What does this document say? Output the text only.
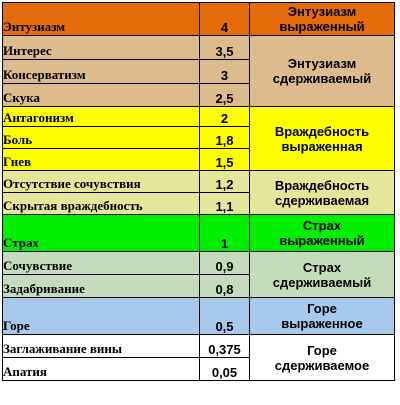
Энтузиазм	4	Энтузиазм
выраженный

Интерес	3,5	Энтузиазм
сдерживаемый

Консерватизм	3	
Скука	2,5	
Антагонизм	2	Враждебность
выраженная

Боль	1,8	
Гнев	1,5	
Отсутствие сочувствия	1,2	Враждебность
сдерживаемая

Скрытая враждебность	1,1	
Страх	1	Страх
выраженный

Сочувствие	0,9	Страх
сдерживаемый

Задабривание	0,8	
Горе	0,5	Горе
выраженное

Заглаживание вины	0,375	Горе
сдерживаемое

Апатия	0,05	
